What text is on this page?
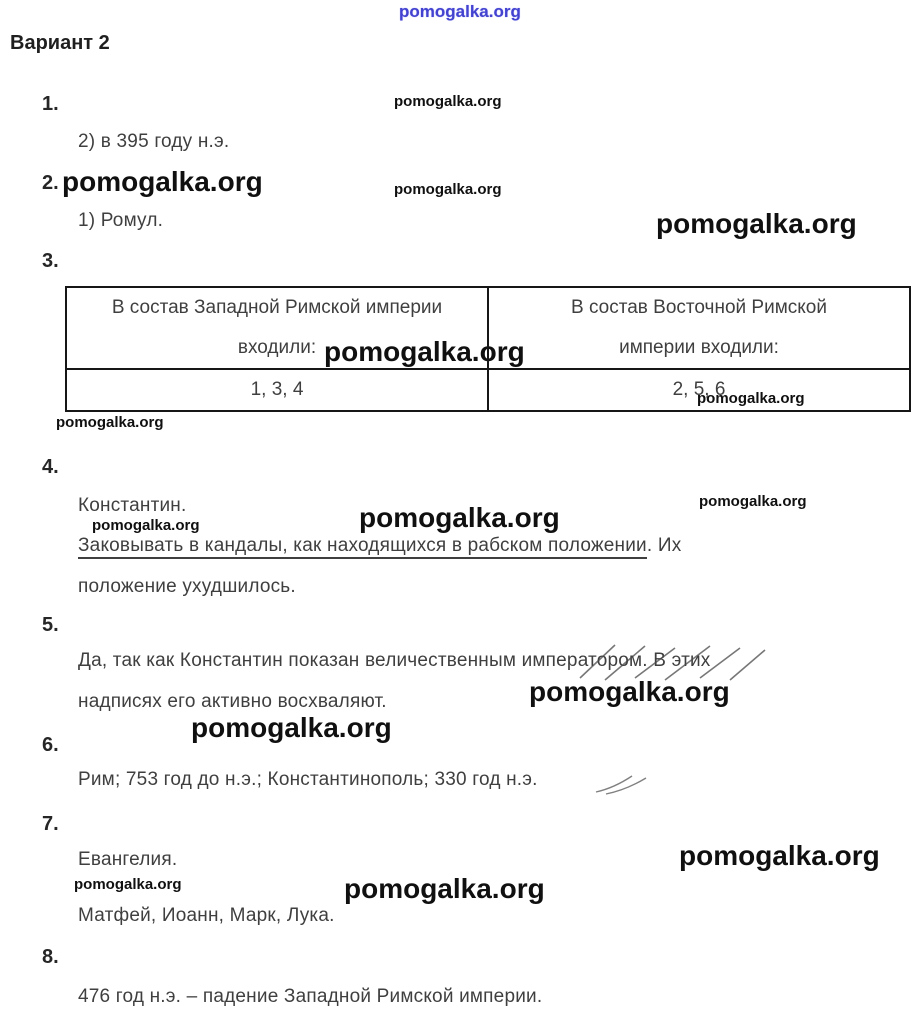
pomogalka.org
pomogalka.org
pomogalka.org	pomogalka.org
pomogalka.org
pomogalka.org
pomogalka.org
pomogalka.org
pomogalka.org
pomogalka.org	pomogalka.org
pomogalka.org
pomogalka.org
pomogalka.org
pomogalka.org	pomogalka.org
Вариант 2
1.
2) в 395 году н.э.
2.
1) Ромул.
3.
В состав Западной Римской империи
входили:

В состав Восточной Римской
империи входили:

1, 3, 4	2, 5, 6
4.
Константин.
Заковывать в кандалы, как находящихся в рабском положении. Их
положение ухудшилось.
5.
Да, так как Константин показан величественным императором. В этих
надписях его активно восхваляют.
6.
Рим; 753 год до н.э.; Константинополь; 330 год н.э.
7.
Евангелия.
Матфей, Иоанн, Марк, Лука.
8.
476 год н.э. – падение Западной Римской империи.
